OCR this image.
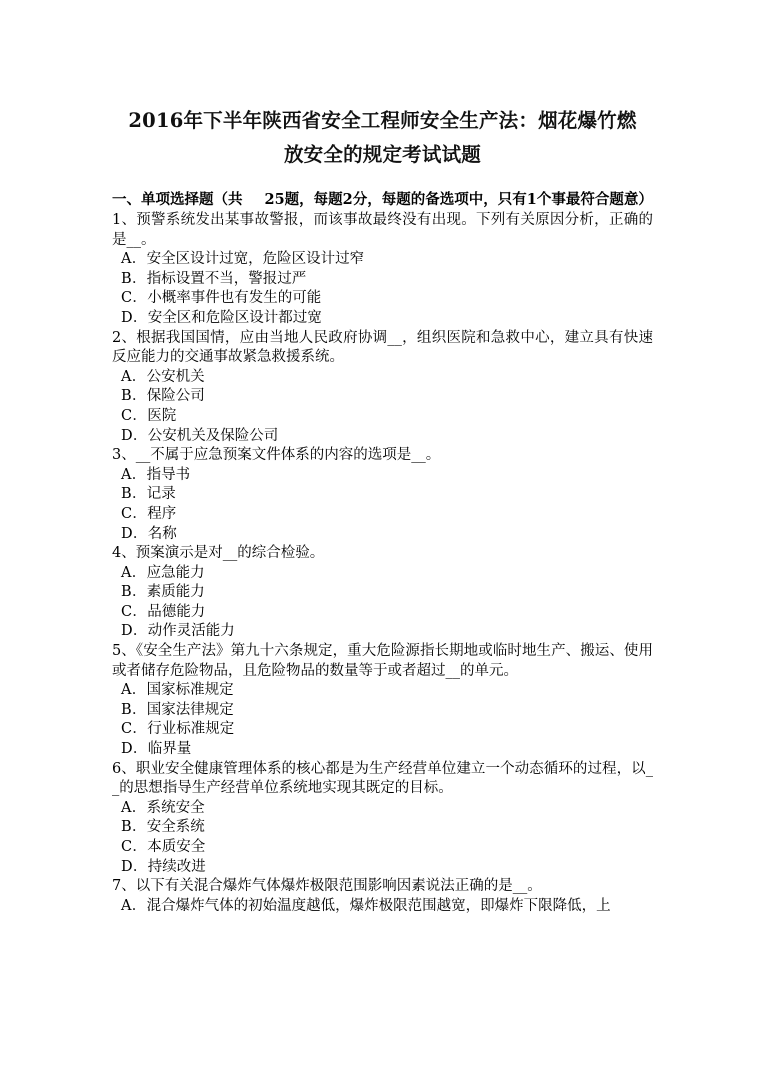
2016年下半年陕西省安全工程师安全生产法：烟花爆竹燃
放安全的规定考试试题

一、单项选择题（共 25题，每题2分，每题的备选项中，只有1个事最符合题意）

1、预警系统发出某事故警报，而该事故最终没有出现。下列有关原因分析，正确的是__。

A．安全区设计过宽，危险区设计过窄
B．指标设置不当，警报过严
C．小概率事件也有发生的可能
D．安全区和危险区设计都过宽

2、根据我国国情，应由当地人民政府协调__，组织医院和急救中心，建立具有快速反应能力的交通事故紧急救援系统。

A．公安机关
B．保险公司
C．医院
D．公安机关及保险公司

3、__不属于应急预案文件体系的内容的选项是__。

A．指导书
B．记录
C．程序
D．名称

4、预案演示是对__的综合检验。

A．应急能力
B．素质能力
C．品德能力
D．动作灵活能力

5、《安全生产法》第九十六条规定，重大危险源指长期地或临时地生产、搬运、使用或者储存危险物品，且危险物品的数量等于或者超过__的单元。

A．国家标准规定
B．国家法律规定
C．行业标准规定
D．临界量

6、职业安全健康管理体系的核心都是为生产经营单位建立一个动态循环的过程，以__的思想指导生产经营单位系统地实现其既定的目标。

A．系统安全
B．安全系统
C．本质安全
D．持续改进

7、以下有关混合爆炸气体爆炸极限范围影响因素说法正确的是__。

A．混合爆炸气体的初始温度越低，爆炸极限范围越宽，即爆炸下限降低，上
